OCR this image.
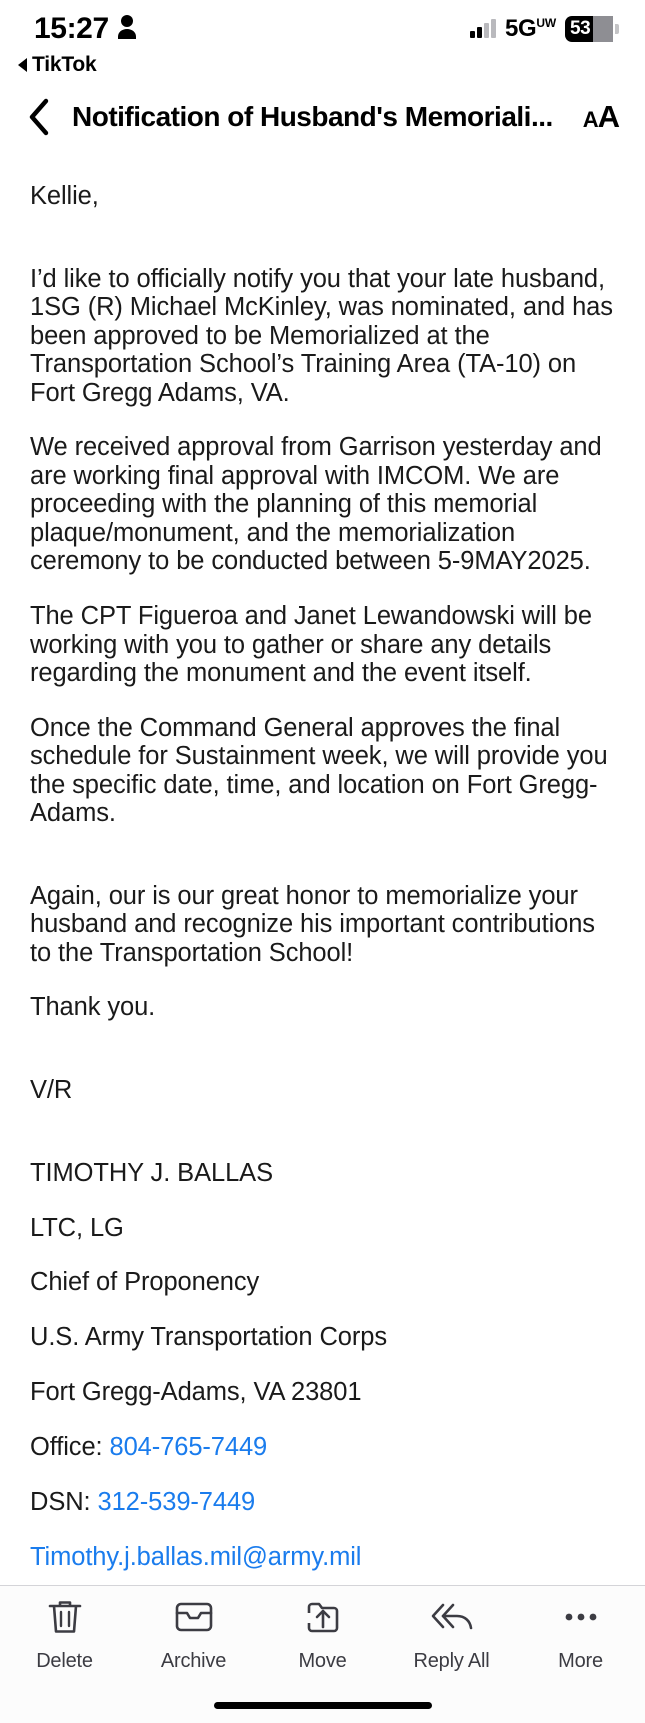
15:27	5G UW 53
TikTok
Notification of Husband's Memoriali...	A A

Kellie,

I’d like to officially notify you that your late husband, 1SG (R) Michael McKinley, was nominated, and has been approved to be Memorialized at the Transportation School’s Training Area (TA-10) on Fort Gregg Adams, VA.

We received approval from Garrison yesterday and are working final approval with IMCOM. We are proceeding with the planning of this memorial plaque/monument, and the memorialization ceremony to be conducted between 5-9MAY2025.

The CPT Figueroa and Janet Lewandowski will be working with you to gather or share any details regarding the monument and the event itself.

Once the Command General approves the final schedule for Sustainment week, we will provide you the specific date, time, and location on Fort Gregg-Adams.

Again, our is our great honor to memorialize your husband and recognize his important contributions to the Transportation School!

Thank you.

V/R

TIMOTHY J. BALLAS

LTC, LG

Chief of Proponency

U.S. Army Transportation Corps

Fort Gregg-Adams, VA 23801

Office: 804-765-7449

DSN: 312-539-7449

Timothy.j.ballas.mil@army.mil

Delete	Archive	Move	Reply All	More
